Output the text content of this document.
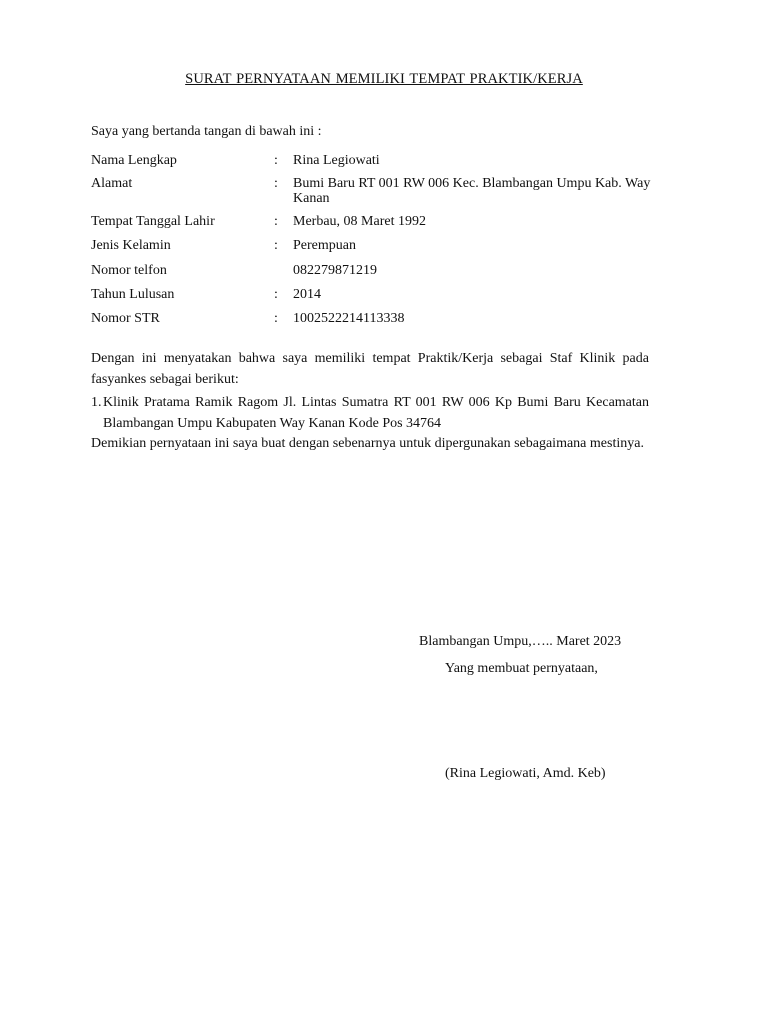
SURAT PERNYATAAN MEMILIKI TEMPAT PRAKTIK/KERJA
Saya yang bertanda tangan di bawah ini :
Nama Lengkap	: Rina Legiowati
Alamat	: Bumi Baru RT 001 RW 006 Kec. Blambangan Umpu Kab. Way Kanan
Tempat Tanggal Lahir	: Merbau, 08 Maret 1992
Jenis Kelamin	: Perempuan
Nomor telfon	082279871219
Tahun Lulusan	: 2014
Nomor STR	: 1002522214113338
Dengan ini menyatakan bahwa saya memiliki tempat Praktik/Kerja sebagai Staf Klinik pada fasyankes sebagai berikut:
1. Klinik Pratama Ramik Ragom Jl. Lintas Sumatra RT 001 RW 006 Kp Bumi Baru Kecamatan Blambangan Umpu Kabupaten Way Kanan Kode Pos 34764
Demikian pernyataan ini saya buat dengan sebenarnya untuk dipergunakan sebagaimana mestinya.
Blambangan Umpu,….. Maret 2023
Yang membuat pernyataan,
(Rina Legiowati, Amd. Keb)
